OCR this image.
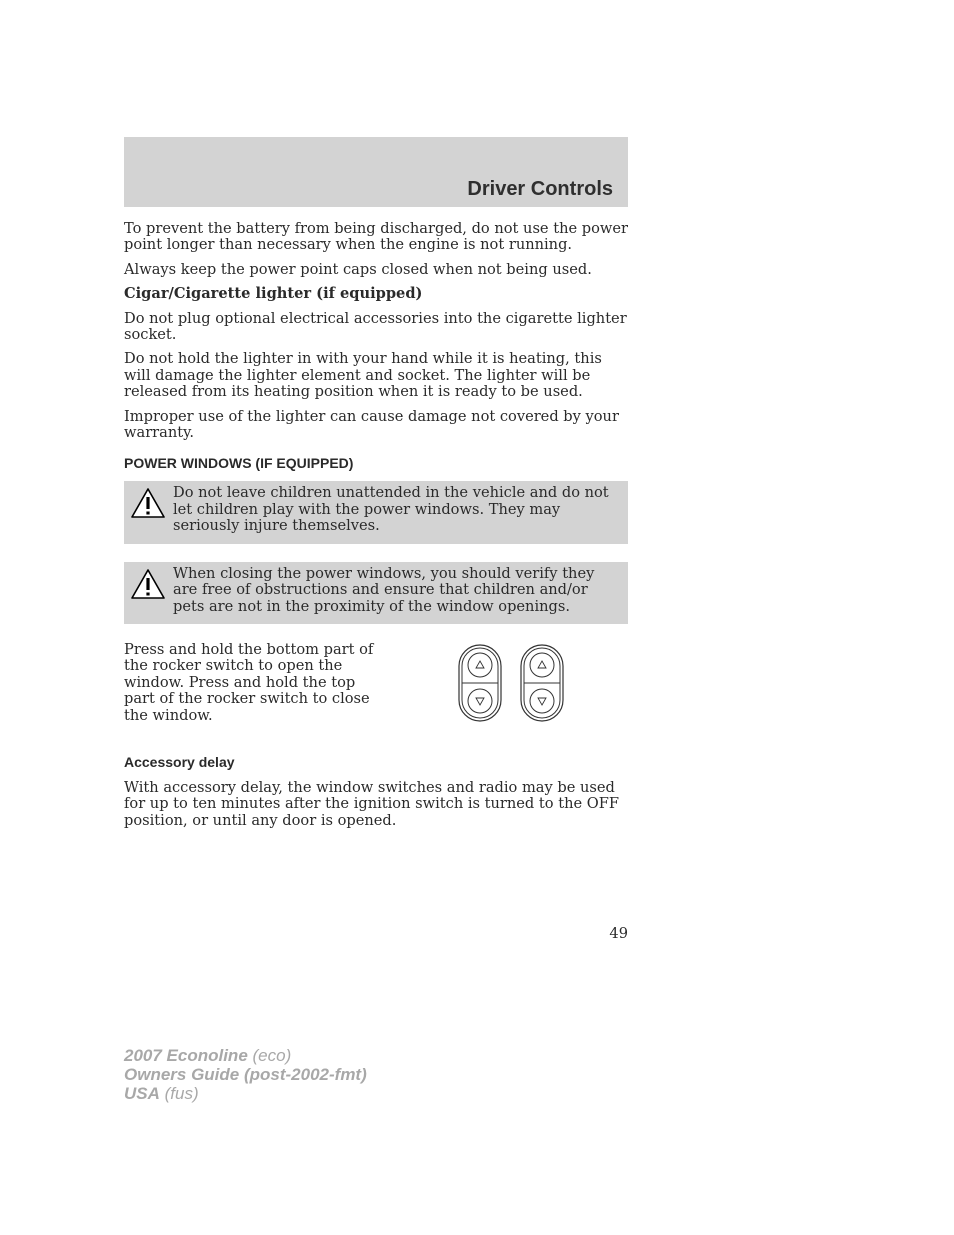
Driver Controls

To prevent the battery from being discharged, do not use the power point longer than necessary when the engine is not running.

Always keep the power point caps closed when not being used.

Cigar/Cigarette lighter (if equipped)

Do not plug optional electrical accessories into the cigarette lighter socket.

Do not hold the lighter in with your hand while it is heating, this will damage the lighter element and socket. The lighter will be released from its heating position when it is ready to be used.

Improper use of the lighter can cause damage not covered by your warranty.

POWER WINDOWS (IF EQUIPPED)
Do not leave children unattended in the vehicle and do not let children play with the power windows. They may seriously injure themselves.
When closing the power windows, you should verify they are free of obstructions and ensure that children and/or pets are not in the proximity of the window openings.

Press and hold the bottom part of the rocker switch to open the window. Press and hold the top part of the rocker switch to close the window.

Accessory delay

With accessory delay, the window switches and radio may be used for up to ten minutes after the ignition switch is turned to the OFF position, or until any door is opened.

49
2007 Econoline (eco)
Owners Guide (post-2002-fmt)
USA (fus)
